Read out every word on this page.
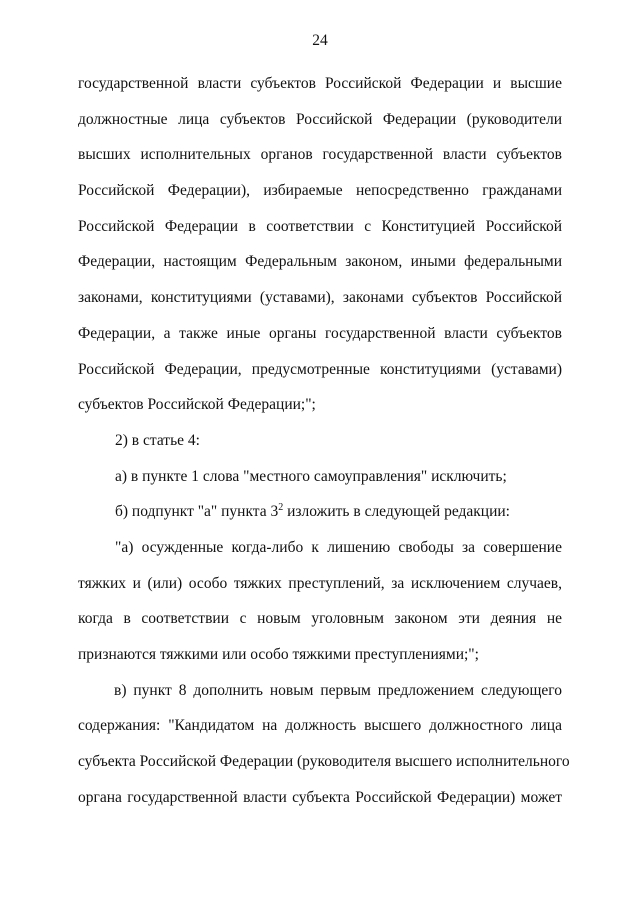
24
государственной власти субъектов Российской Федерации и высшие
должностные лица субъектов Российской Федерации (руководители
высших исполнительных органов государственной власти субъектов
Российской Федерации), избираемые непосредственно гражданами
Российской Федерации в соответствии с Конституцией Российской
Федерации, настоящим Федеральным законом, иными федеральными
законами, конституциями (уставами), законами субъектов Российской
Федерации, а также иные органы государственной власти субъектов
Российской Федерации, предусмотренные конституциями (уставами)
субъектов Российской Федерации;";
2) в статье 4:
а) в пункте 1 слова "местного самоуправления" исключить;
б) подпункт "а" пункта $3^2$ изложить в следующей редакции:
"а) осужденные когда-либо к лишению свободы за совершение
тяжких и (или) особо тяжких преступлений, за исключением случаев,
когда в соответствии с новым уголовным законом эти деяния не
признаются тяжкими или особо тяжкими преступлениями;";
в) пункт 8 дополнить новым первым предложением следующего
содержания: "Кандидатом на должность высшего должностного лица
субъекта Российской Федерации (руководителя высшего исполнительного
органа государственной власти субъекта Российской Федерации) может
